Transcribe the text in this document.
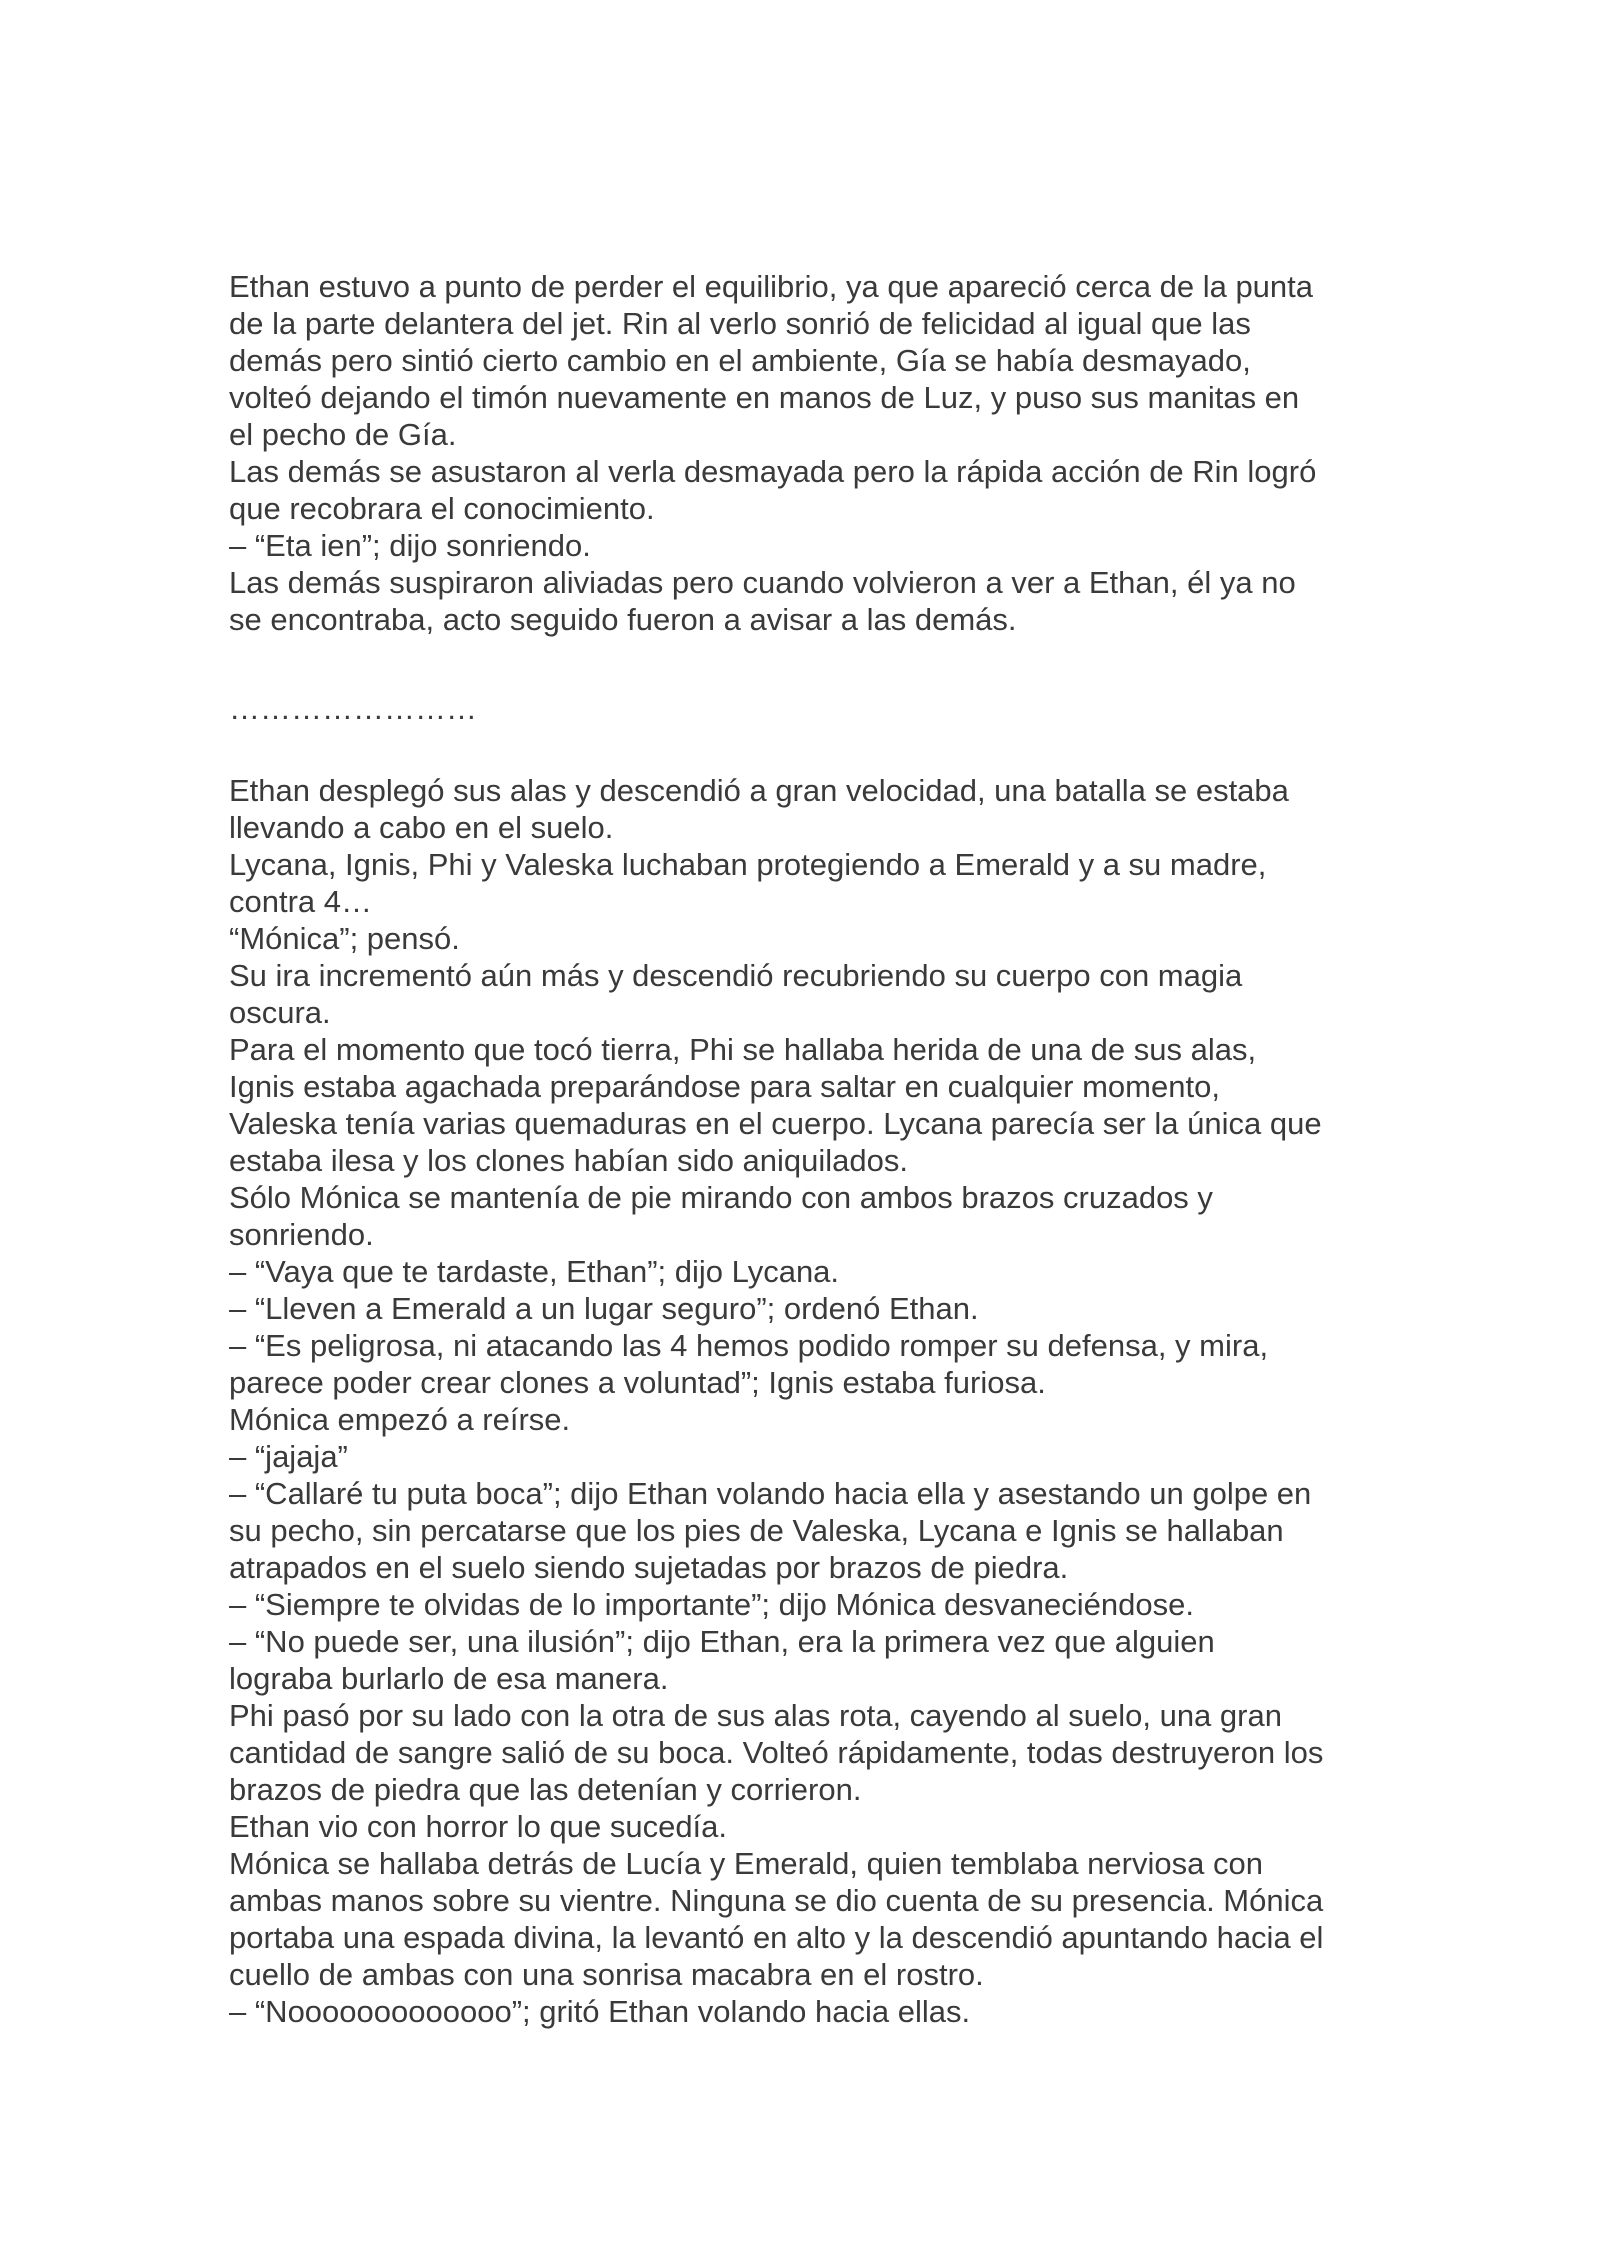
Ethan estuvo a punto de perder el equilibrio, ya que apareció cerca de la punta
de la parte delantera del jet. Rin al verlo sonrió de felicidad al igual que las
demás pero sintió cierto cambio en el ambiente, Gía se había desmayado,
volteó dejando el timón nuevamente en manos de Luz, y puso sus manitas en
el pecho de Gía.
Las demás se asustaron al verla desmayada pero la rápida acción de Rin logró
que recobrara el conocimiento.
– “Eta ien”; dijo sonriendo.
Las demás suspiraron aliviadas pero cuando volvieron a ver a Ethan, él ya no
se encontraba, acto seguido fueron a avisar a las demás.
……………………
Ethan desplegó sus alas y descendió a gran velocidad, una batalla se estaba
llevando a cabo en el suelo.
Lycana, Ignis, Phi y Valeska luchaban protegiendo a Emerald y a su madre,
contra 4…
“Mónica”; pensó.
Su ira incrementó aún más y descendió recubriendo su cuerpo con magia
oscura.
Para el momento que tocó tierra, Phi se hallaba herida de una de sus alas,
Ignis estaba agachada preparándose para saltar en cualquier momento,
Valeska tenía varias quemaduras en el cuerpo. Lycana parecía ser la única que
estaba ilesa y los clones habían sido aniquilados.
Sólo Mónica se mantenía de pie mirando con ambos brazos cruzados y
sonriendo.
– “Vaya que te tardaste, Ethan”; dijo Lycana.
– “Lleven a Emerald a un lugar seguro”; ordenó Ethan.
– “Es peligrosa, ni atacando las 4 hemos podido romper su defensa, y mira,
parece poder crear clones a voluntad”; Ignis estaba furiosa.
Mónica empezó a reírse.
– “jajaja”
– “Callaré tu puta boca”; dijo Ethan volando hacia ella y asestando un golpe en
su pecho, sin percatarse que los pies de Valeska, Lycana e Ignis se hallaban
atrapados en el suelo siendo sujetadas por brazos de piedra.
– “Siempre te olvidas de lo importante”; dijo Mónica desvaneciéndose.
– “No puede ser, una ilusión”; dijo Ethan, era la primera vez que alguien
lograba burlarlo de esa manera.
Phi pasó por su lado con la otra de sus alas rota, cayendo al suelo, una gran
cantidad de sangre salió de su boca. Volteó rápidamente, todas destruyeron los
brazos de piedra que las detenían y corrieron.
Ethan vio con horror lo que sucedía.
Mónica se hallaba detrás de Lucía y Emerald, quien temblaba nerviosa con
ambas manos sobre su vientre. Ninguna se dio cuenta de su presencia. Mónica
portaba una espada divina, la levantó en alto y la descendió apuntando hacia el
cuello de ambas con una sonrisa macabra en el rostro.
– “Nooooooooooooo”; gritó Ethan volando hacia ellas.
